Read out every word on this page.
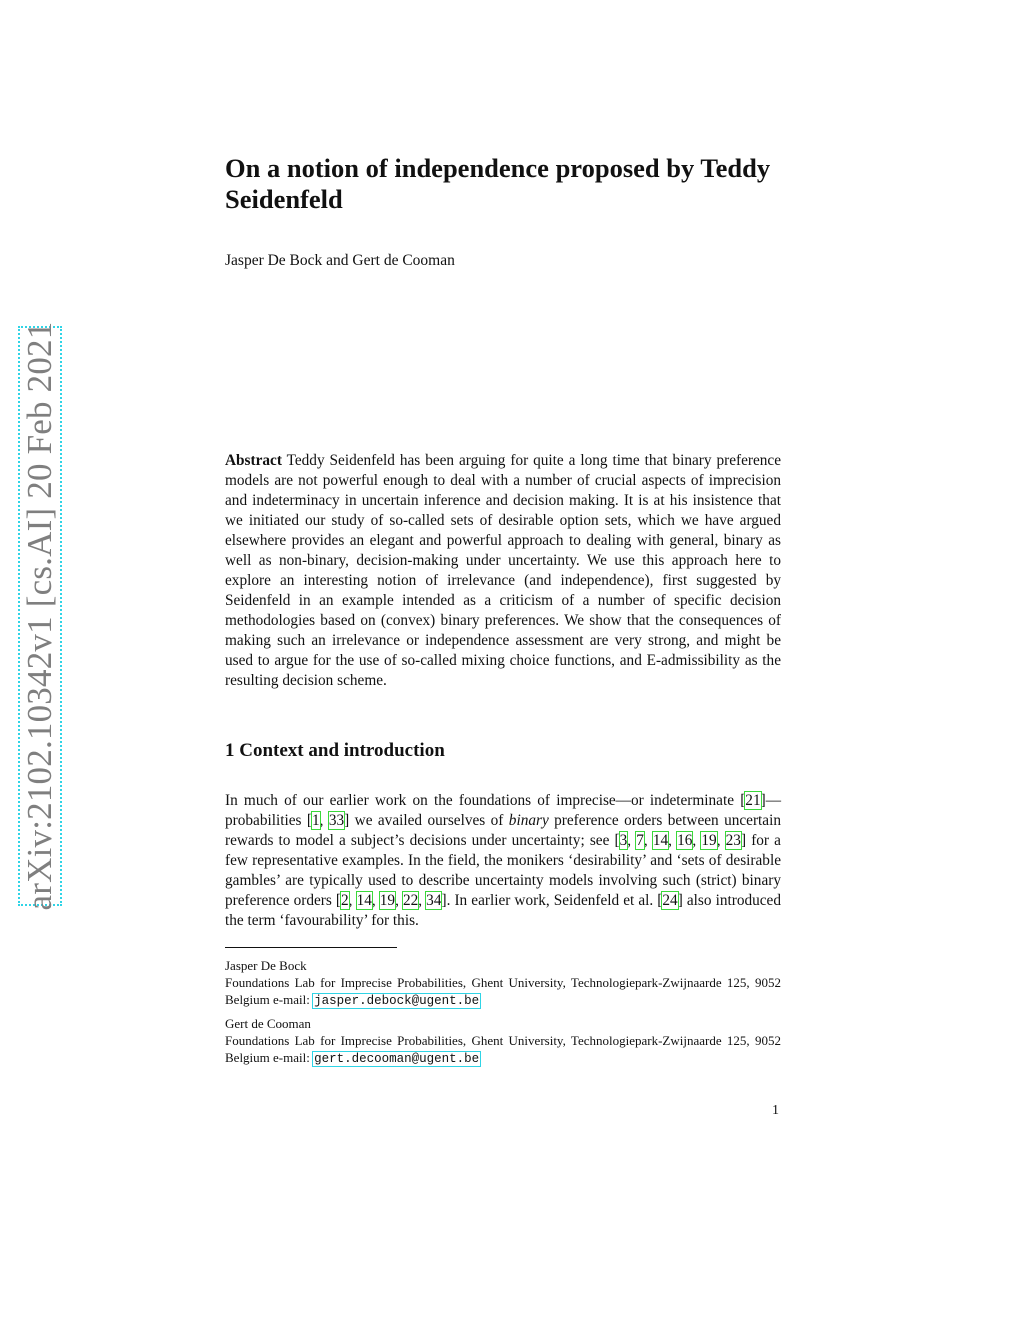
arXiv:2102.10342v1 [cs.AI] 20 Feb 2021
On a notion of independence proposed by Teddy Seidenfeld
Jasper De Bock and Gert de Cooman

Abstract Teddy Seidenfeld has been arguing for quite a long time that binary preference models are not powerful enough to deal with a number of crucial aspects of imprecision and indeterminacy in uncertain inference and decision making. It is at his insistence that we initiated our study of so-called sets of desirable option sets, which we have argued elsewhere provides an elegant and powerful approach to dealing with general, binary as well as non-binary, decision-making under uncertainty. We use this approach here to explore an interesting notion of irrelevance (and independence), first suggested by Seidenfeld in an example intended as a criticism of a number of specific decision methodologies based on (convex) binary preferences. We show that the consequences of making such an irrelevance or independence assessment are very strong, and might be used to argue for the use of so-called mixing choice functions, and E-admissibility as the resulting decision scheme.

1 Context and introduction

In much of our earlier work on the foundations of imprecise—or indeterminate [21]—probabilities [1, 33] we availed ourselves of binary preference orders between uncertain rewards to model a subject’s decisions under uncertainty; see [3, 7, 14, 16, 19, 23] for a few representative examples. In the field, the monikers ‘desirability’ and ‘sets of desirable gambles’ are typically used to describe uncertainty models involving such (strict) binary preference orders [2, 14, 19, 22, 34]. In earlier work, Seidenfeld et al. [24] also introduced the term ‘favourability’ for this.

Jasper De Bock
Foundations Lab for Imprecise Probabilities, Ghent University, Technologiepark-Zwijnaarde 125, 9052 Belgium e-mail: jasper.debock@ugent.be

Gert de Cooman
Foundations Lab for Imprecise Probabilities, Ghent University, Technologiepark-Zwijnaarde 125, 9052 Belgium e-mail: gert.decooman@ugent.be

1
